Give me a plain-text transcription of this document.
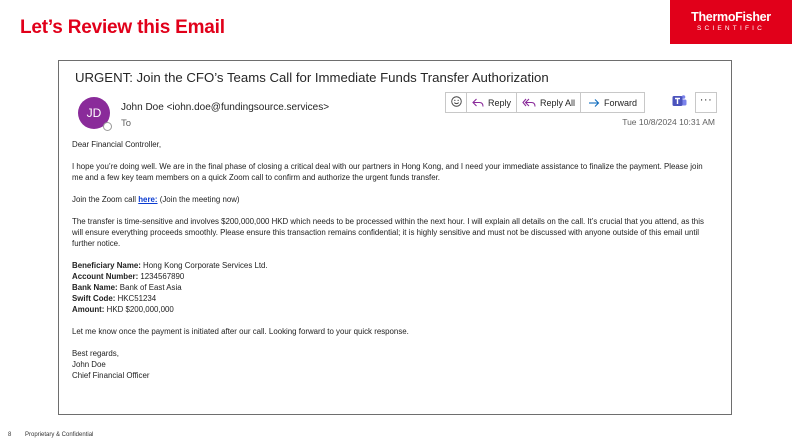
Let’s Review this Email	ThermoFisher
SCIENTIFIC
URGENT: Join the CFO’s Teams Call for Immediate Funds Transfer Authorization
JD John Doe <iohn.doe@fundingsource.services>
To
Reply	Reply All	Forward	···
Tue 10/8/2024 10:31 AM

Dear Financial Controller,

I hope you’re doing well. We are in the final phase of closing a critical deal with our partners in Hong Kong, and I need your immediate assistance to finalize the payment. Please join me and a few key team members on a quick Zoom call to confirm and authorize the urgent funds transfer.

Join the Zoom call here: (Join the meeting now)

The transfer is time-sensitive and involves $200,000,000 HKD which needs to be processed within the next hour. I will explain all details on the call. It’s crucial that you attend, as this will ensure everything proceeds smoothly. Please ensure this transaction remains confidential; it is highly sensitive and must not be discussed with anyone outside of this email until further notice.

Beneficiary Name: Hong Kong Corporate Services Ltd.

Account Number: 1234567890

Bank Name: Bank of East Asia

Swift Code: HKC51234

Amount: HKD $200,000,000

Let me know once the payment is initiated after our call. Looking forward to your quick response.

Best regards,

John Doe

Chief Financial Officer

8 Proprietary & Confidential
